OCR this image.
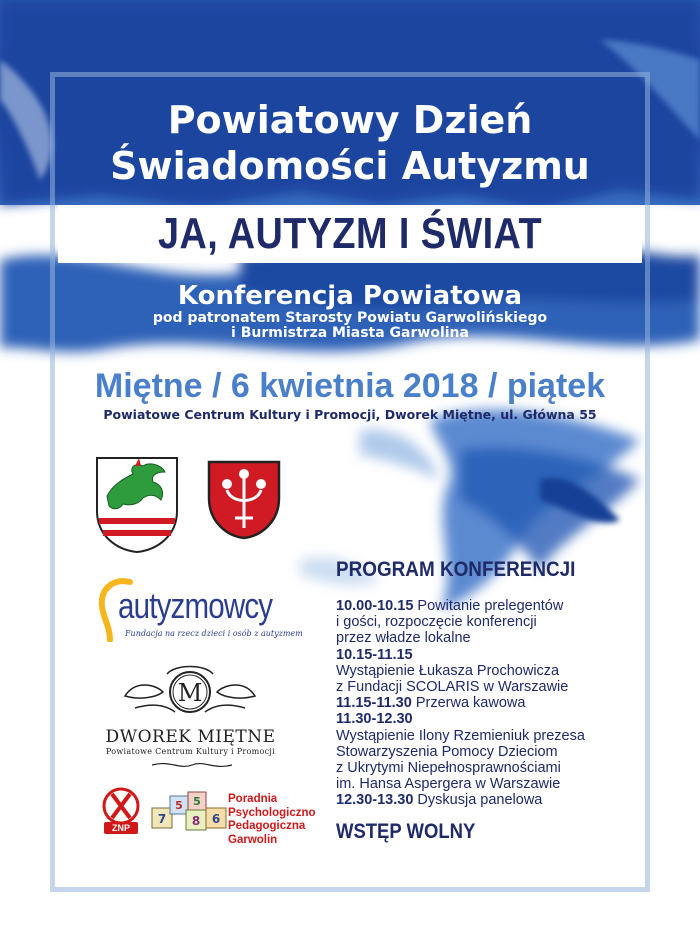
Powiatowy Dzień
Świadomości Autyzmu
JA, AUTYZM I ŚWIAT
Konferencja Powiatowa
pod patronatem Starosty Powiatu Garwolińskiego
i Burmistrza Miasta Garwolina
Miętne / 6 kwietnia 2018 / piątek
Powiatowe Centrum Kultury i Promocji, Dworek Miętne, ul. Główna 55
autyzmowcy
Fundacja na rzecz dzieci i osób z autyzmem
M
DWOREK MIĘTNE
Powiatowe Centrum Kultury i Promocji
ZNP
7
5 5
8 6
Poradnia
Psychologiczno
Pedagogiczna
Garwolin
PROGRAM KONFERENCJI
10.00-10.15 Powitanie prelegentów
i gości, rozpoczęcie konferencji
przez władze lokalne
10.15-11.15
Wystąpienie Łukasza Prochowicza
z Fundacji SCOLARIS w Warszawie
11.15-11.30 Przerwa kawowa
11.30-12.30
Wystąpienie Ilony Rzemieniuk prezesa
Stowarzyszenia Pomocy Dzieciom
z Ukrytymi Niepełnosprawnościami
im. Hansa Aspergera w Warszawie
12.30-13.30 Dyskusja panelowa
WSTĘP WOLNY
